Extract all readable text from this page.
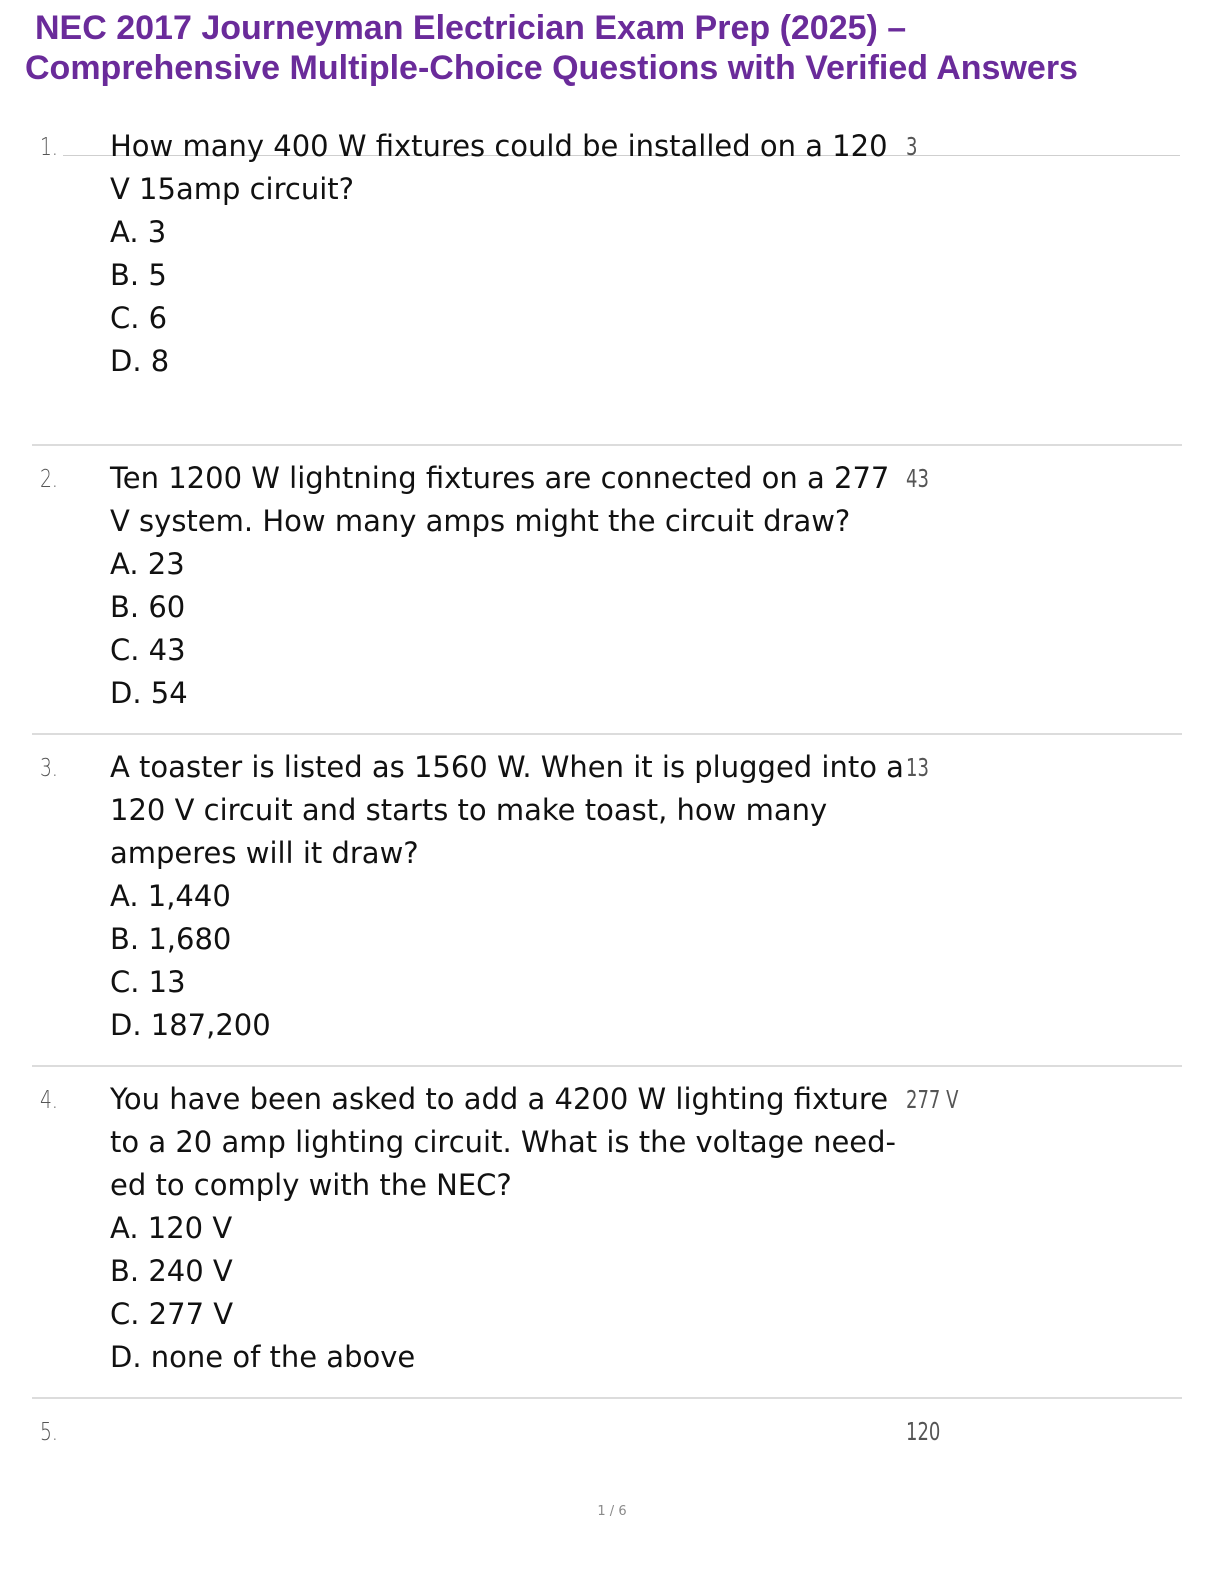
NEC 2017 Journeyman Electrician Exam Prep (2025) –
Comprehensive Multiple-Choice Questions with Verified Answers
1. How many 400 W fixtures could be installed on a 120 V 15amp circuit?
A. 3
B. 5
C. 6
D. 8
3
2. Ten 1200 W lightning fixtures are connected on a 277 V system. How many amps might the circuit draw?
A. 23
B. 60
C. 43
D. 54
43
3. A toaster is listed as 1560 W. When it is plugged into a 120 V circuit and starts to make toast, how many amperes will it draw?
A. 1,440
B. 1,680
C. 13
D. 187,200
13
4. You have been asked to add a 4200 W lighting fixture to a 20 amp lighting circuit. What is the voltage need-ed to comply with the NEC?
A. 120 V
B. 240 V
C. 277 V
D. none of the above
277 V
5.	120
1 / 6
